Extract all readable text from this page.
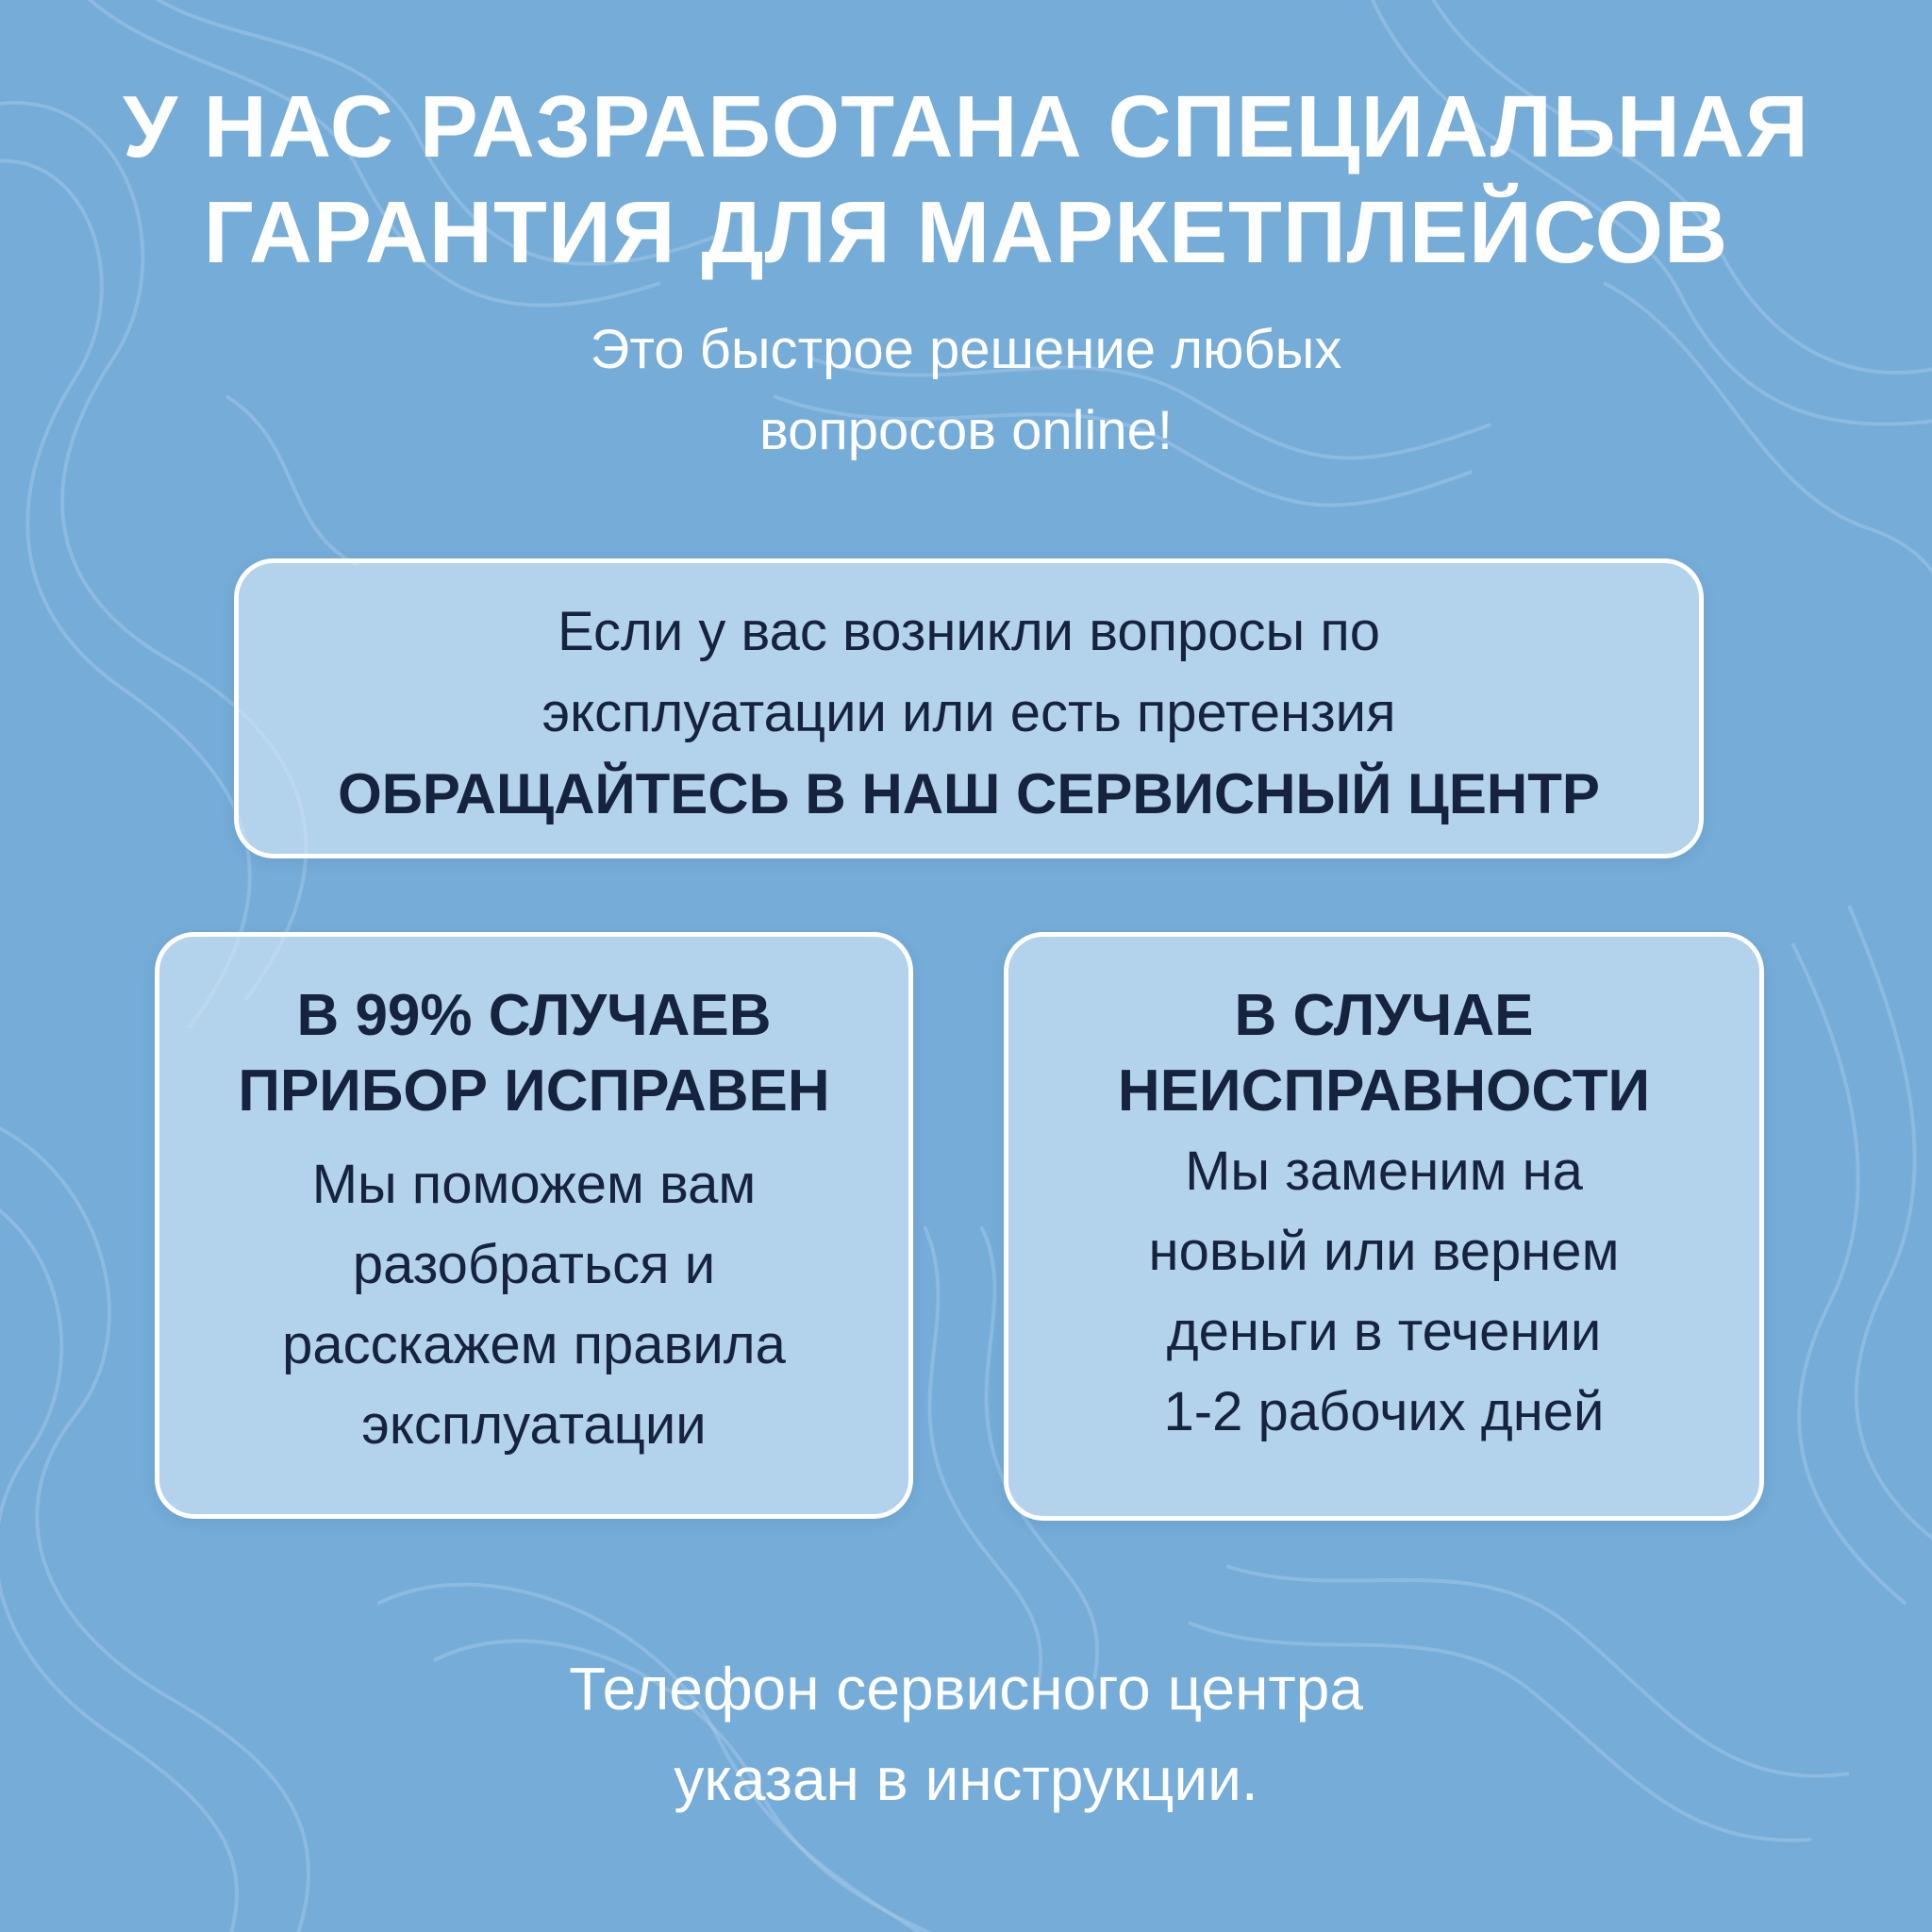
У НАС РАЗРАБОТАНА СПЕЦИАЛЬНАЯ
ГАРАНТИЯ ДЛЯ МАРКЕТПЛЕЙСОВ
Это быстрое решение любых
вопросов online!
Если у вас возникли вопросы по
эксплуатации или есть претензия
ОБРАЩАЙТЕСЬ В НАШ СЕРВИСНЫЙ ЦЕНТР
В 99% СЛУЧАЕВ
ПРИБОР ИСПРАВЕН
Мы поможем вам
разобраться и
расскажем правила
эксплуатации
В СЛУЧАЕ
НЕИСПРАВНОСТИ
Мы заменим на
новый или вернем
деньги в течении
1-2 рабочих дней
Телефон сервисного центра
указан в инструкции.
